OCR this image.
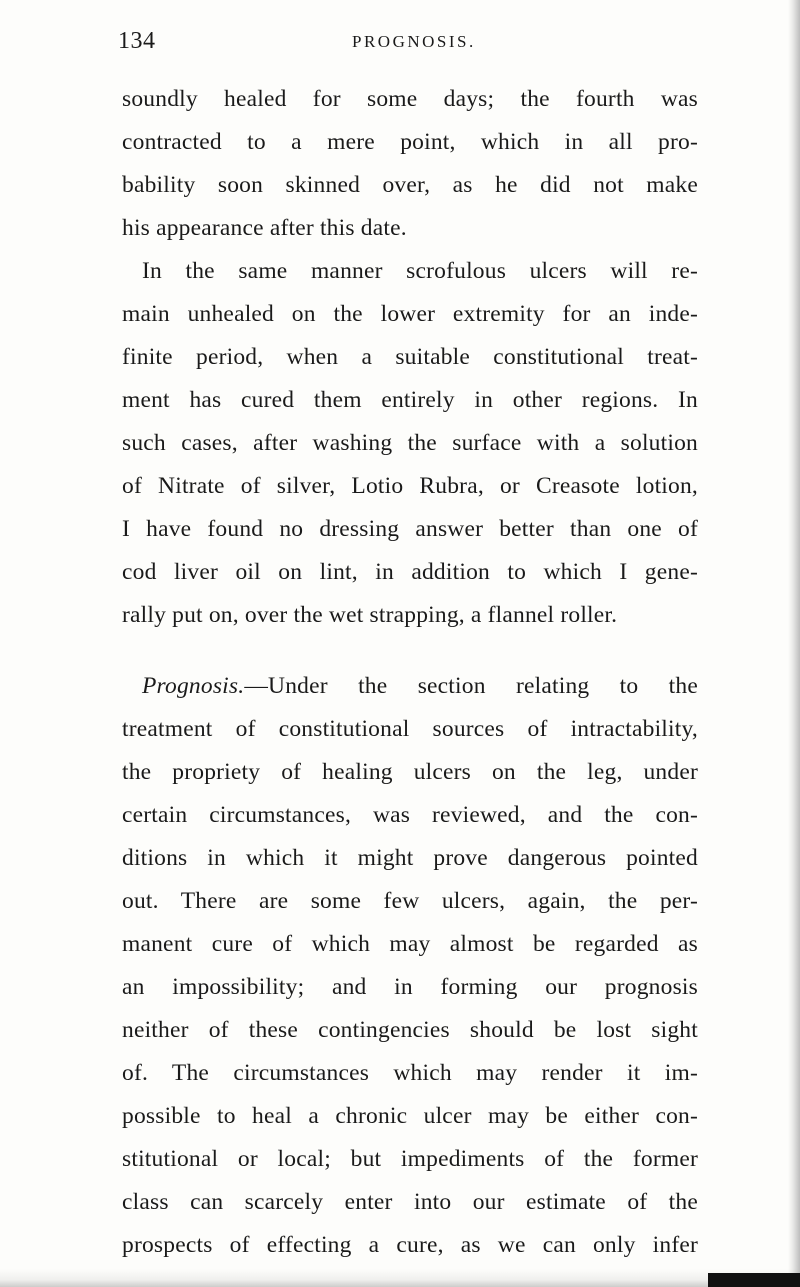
134	PROGNOSIS.
soundly healed for some days; the fourth was
contracted to a mere point, which in all pro-
bability soon skinned over, as he did not make
his appearance after this date.
In the same manner scrofulous ulcers will re-
main unhealed on the lower extremity for an inde-
finite period, when a suitable constitutional treat-
ment has cured them entirely in other regions. In
such cases, after washing the surface with a solution
of Nitrate of silver, Lotio Rubra, or Creasote lotion,
I have found no dressing answer better than one of
cod liver oil on lint, in addition to which I gene-
rally put on, over the wet strapping, a flannel roller.
Prognosis.—Under the section relating to the
treatment of constitutional sources of intractability,
the propriety of healing ulcers on the leg, under
certain circumstances, was reviewed, and the con-
ditions in which it might prove dangerous pointed
out. There are some few ulcers, again, the per-
manent cure of which may almost be regarded as
an impossibility; and in forming our prognosis
neither of these contingencies should be lost sight
of. The circumstances which may render it im-
possible to heal a chronic ulcer may be either con-
stitutional or local; but impediments of the former
class can scarcely enter into our estimate of the
prospects of effecting a cure, as we can only infer
